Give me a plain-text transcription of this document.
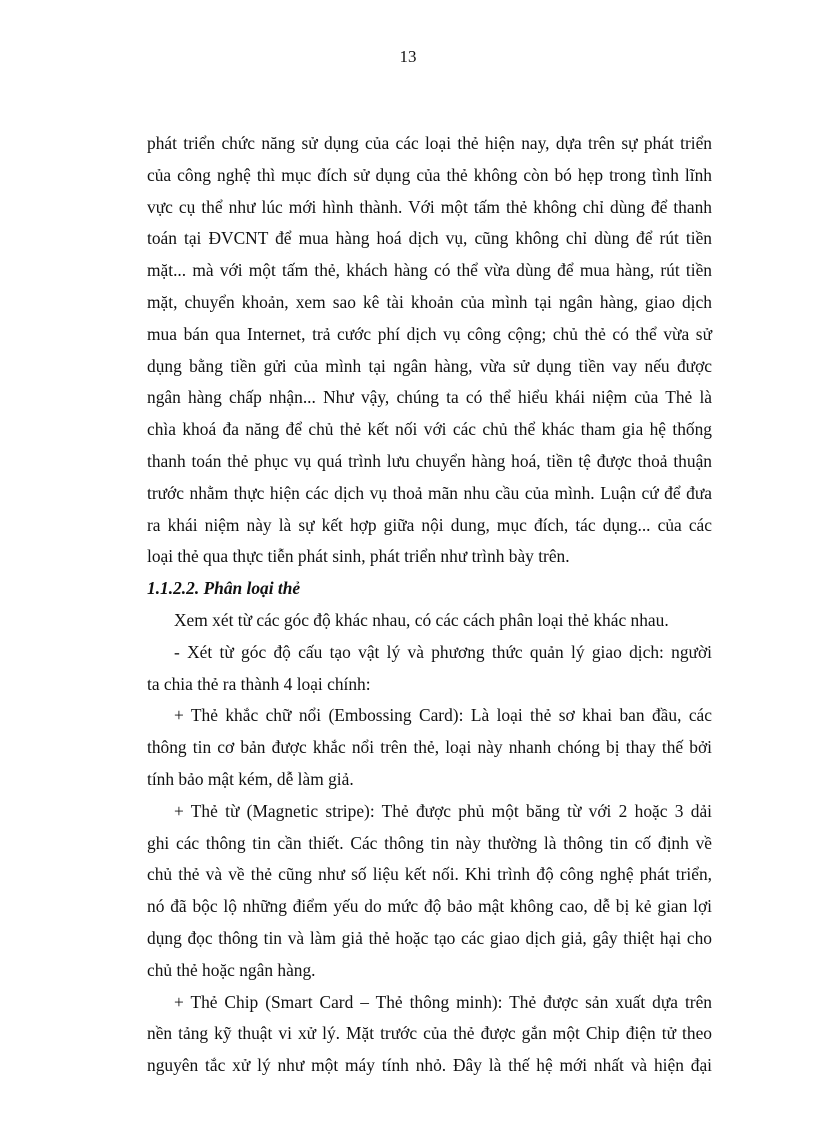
13

phát triển chức năng sử dụng của các loại thẻ hiện nay, dựa trên sự phát triển

của công nghệ thì mục đích sử dụng của thẻ không còn bó hẹp trong tình lĩnh

vực cụ thể như lúc mới hình thành. Với một tấm thẻ không chỉ dùng để thanh

toán tại ĐVCNT để mua hàng hoá dịch vụ, cũng không chỉ dùng để rút tiền

mặt... mà với một tấm thẻ, khách hàng có thể vừa dùng để mua hàng, rút tiền

mặt, chuyển khoản, xem sao kê tài khoản của mình tại ngân hàng, giao dịch

mua bán qua Internet, trả cước phí dịch vụ công cộng; chủ thẻ có thể vừa sử

dụng bằng tiền gửi của mình tại ngân hàng, vừa sử dụng tiền vay nếu được

ngân hàng chấp nhận... Như vậy, chúng ta có thể hiểu khái niệm của Thẻ là

chìa khoá đa năng để chủ thẻ kết nối với các chủ thể khác tham gia hệ thống

thanh toán thẻ phục vụ quá trình lưu chuyển hàng hoá, tiền tệ được thoả thuận

trước nhằm thực hiện các dịch vụ thoả mãn nhu cầu của mình. Luận cứ để đưa

ra khái niệm này là sự kết hợp giữa nội dung, mục đích, tác dụng... của các

loại thẻ qua thực tiễn phát sinh, phát triển như trình bày trên.

1.1.2.2. Phân loại thẻ

Xem xét từ các góc độ khác nhau, có các cách phân loại thẻ khác nhau.

- Xét từ góc độ cấu tạo vật lý và phương thức quản lý giao dịch: người

ta chia thẻ ra thành 4 loại chính:

+ Thẻ khắc chữ nổi (Embossing Card): Là loại thẻ sơ khai ban đầu, các

thông tin cơ bản được khắc nổi trên thẻ, loại này nhanh chóng bị thay thế bởi

tính bảo mật kém, dễ làm giả.

+ Thẻ từ (Magnetic stripe): Thẻ được phủ một băng từ với 2 hoặc 3 dải

ghi các thông tin cần thiết. Các thông tin này thường là thông tin cố định về

chủ thẻ và về thẻ cũng như số liệu kết nối. Khi trình độ công nghệ phát triển,

nó đã bộc lộ những điểm yếu do mức độ bảo mật không cao, dễ bị kẻ gian lợi

dụng đọc thông tin và làm giả thẻ hoặc tạo các giao dịch giả, gây thiệt hại cho

chủ thẻ hoặc ngân hàng.

+ Thẻ Chip (Smart Card – Thẻ thông minh): Thẻ được sản xuất dựa trên

nền tảng kỹ thuật vi xử lý. Mặt trước của thẻ được gắn một Chip điện tử theo

nguyên tắc xử lý như một máy tính nhỏ. Đây là thế hệ mới nhất và hiện đại
